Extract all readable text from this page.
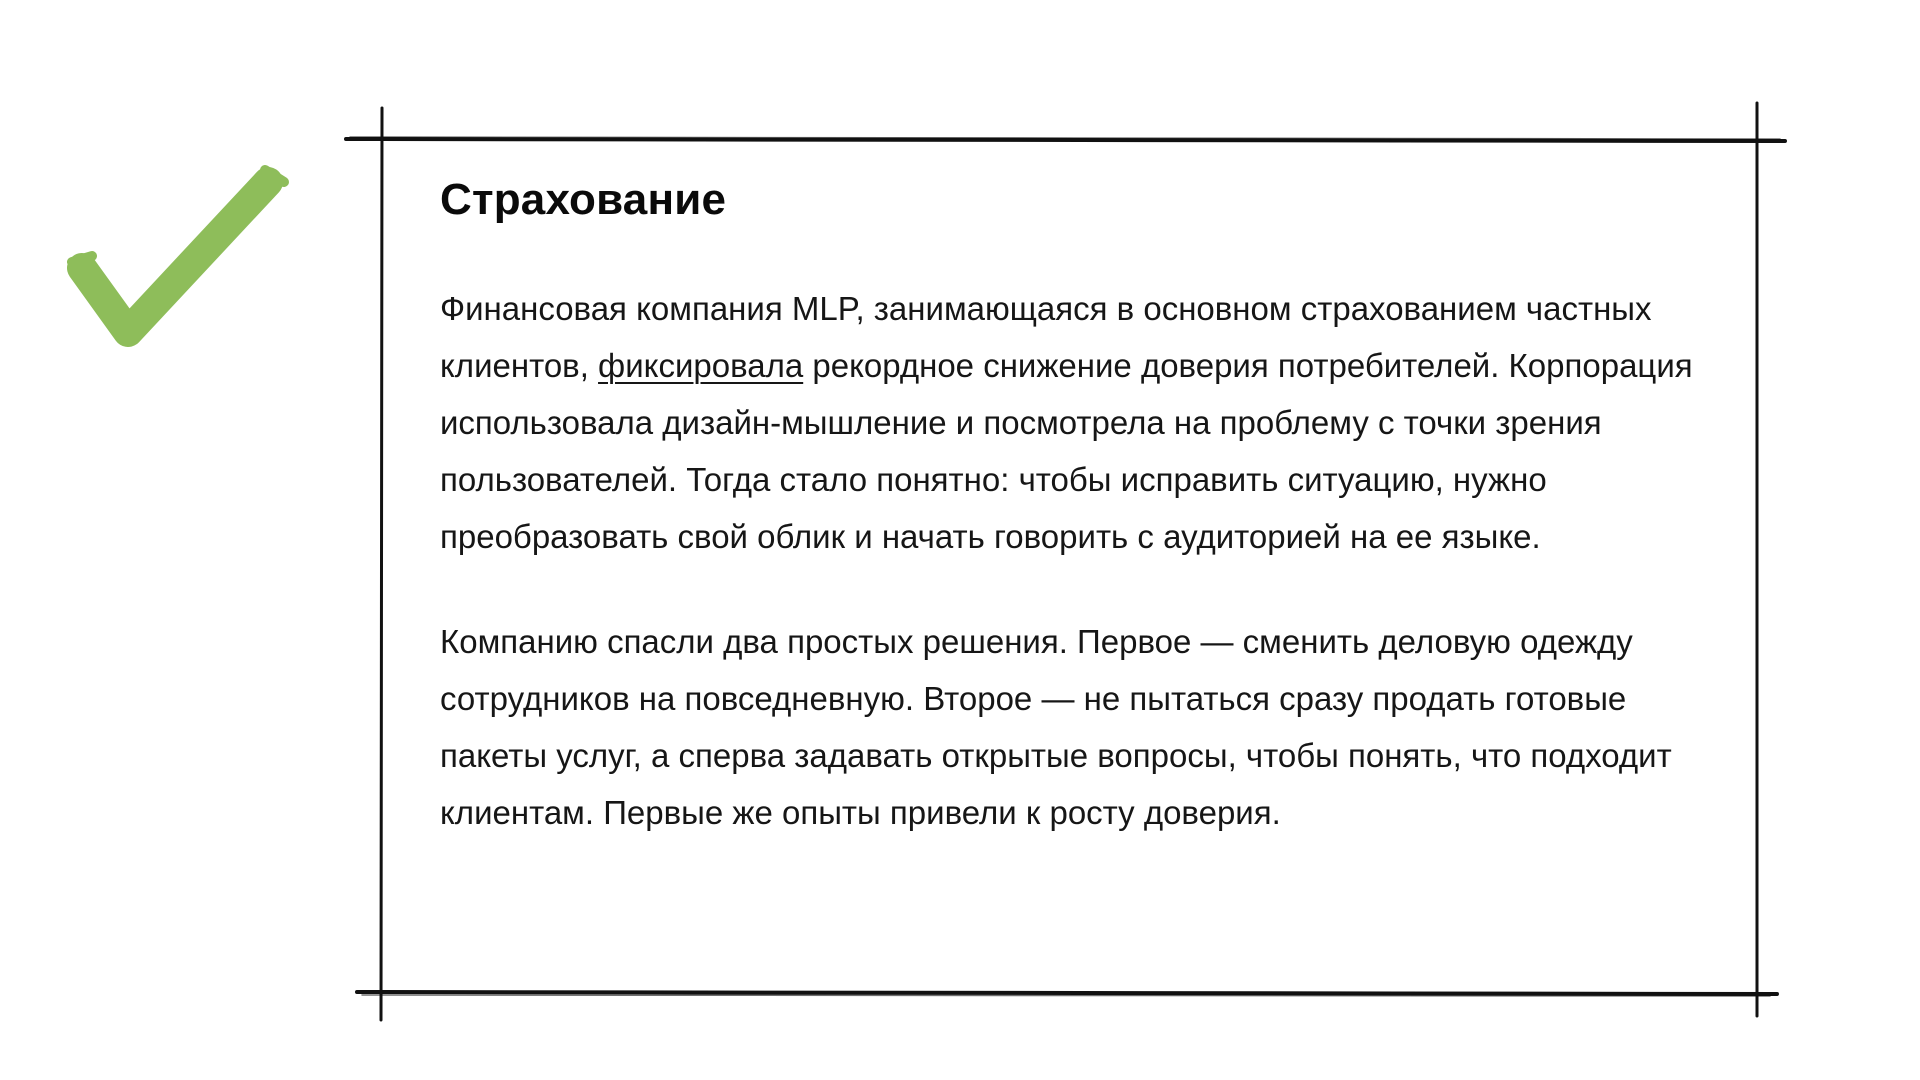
Страхование

Финансовая компания MLP, занимающаяся в основном страхованием частных клиентов, фиксировала рекордное снижение доверия потребителей. Корпорация использовала дизайн-мышление и посмотрела на проблему с точки зрения пользователей. Тогда стало понятно: чтобы исправить ситуацию, нужно преобразовать свой облик и начать говорить с аудиторией на ее языке.

Компанию спасли два простых решения. Первое — сменить деловую одежду сотрудников на повседневную. Второе — не пытаться сразу продать готовые пакеты услуг, а сперва задавать открытые вопросы, чтобы понять, что подходит клиентам. Первые же опыты привели к росту доверия.
